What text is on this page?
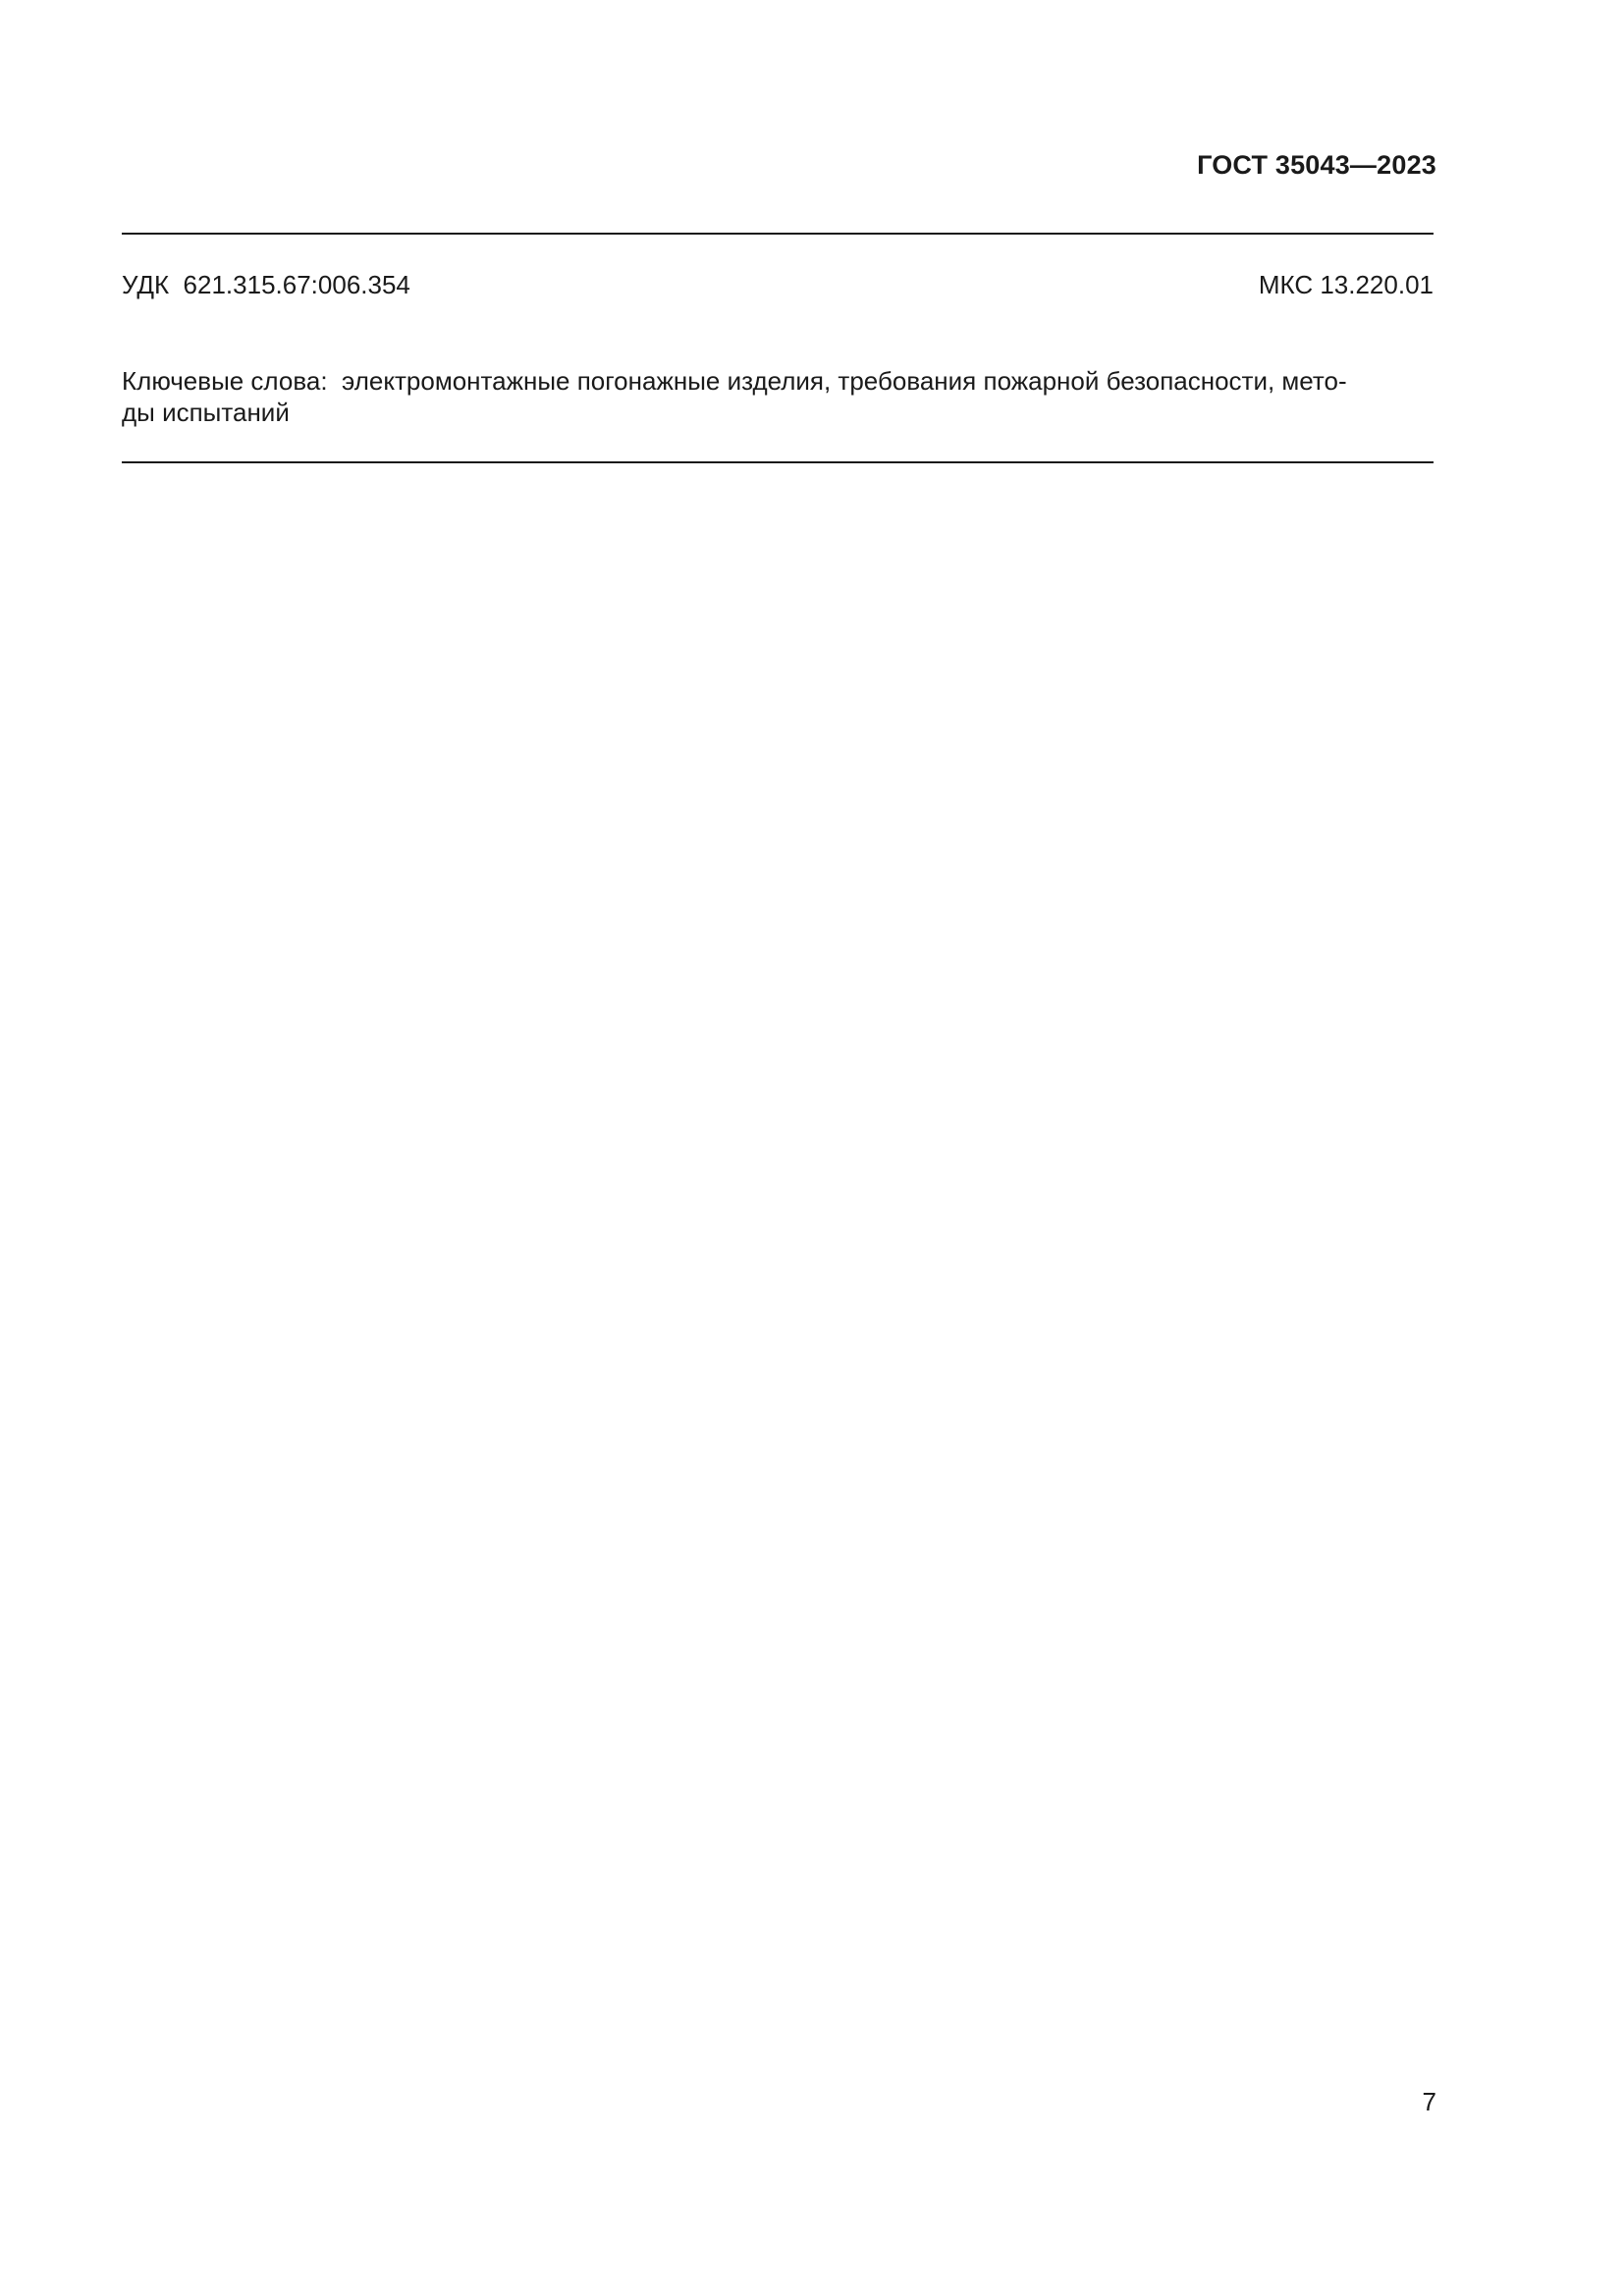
ГОСТ 35043—2023
УДК  621.315.67:006.354	МКС 13.220.01
Ключевые слова:  электромонтажные погонажные изделия, требования пожарной безопасности, мето-
ды испытаний
7
